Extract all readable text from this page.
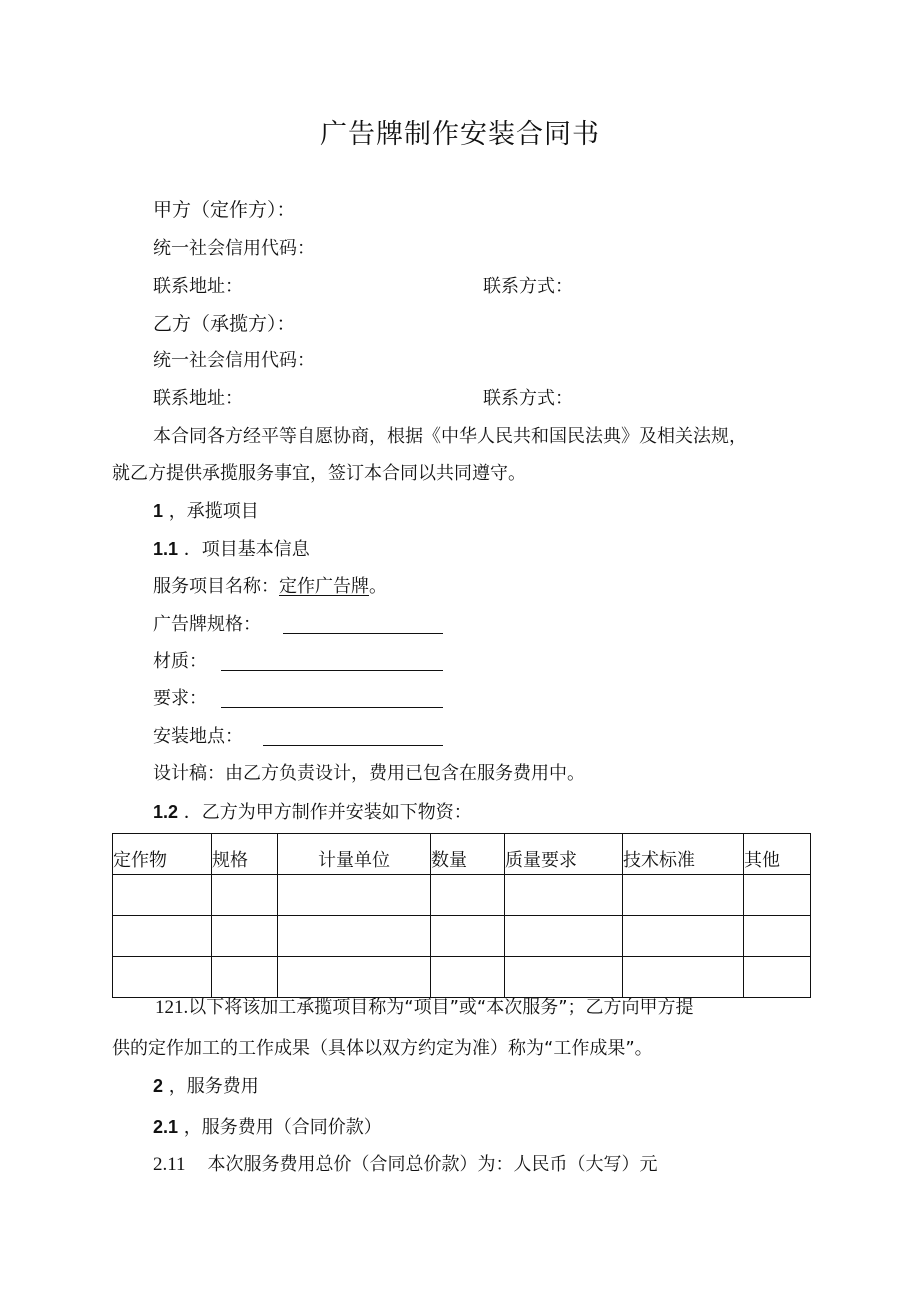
广告牌制作安装合同书

甲方（定作方）：

统一社会信用代码：

联系地址：	联系方式：

乙方（承揽方）：

统一社会信用代码：

联系地址：	联系方式：

本合同各方经平等自愿协商，根据《中华人民共和国民法典》及相关法规，

就乙方提供承揽服务事宜，签订本合同以共同遵守。

1 ，承揽项目

1.1 ．项目基本信息

服务项目名称：定作广告牌。

广告牌规格：

材质：

要求：

安装地点：

设计稿：由乙方负责设计，费用已包含在服务费用中。

1.2 ．乙方为甲方制作并安装如下物资：

定作物	规格	计量单位	数量	质量要求	技术标准	其他

121.以下将该加工承揽项目称为“项目”或“本次服务”；乙方向甲方提

供的定作加工的工作成果（具体以双方约定为准）称为“工作成果”。

2 ，服务费用

2.1 ，服务费用（合同价款）

2.11 本次服务费用总价（合同总价款）为：人民币（大写）元
